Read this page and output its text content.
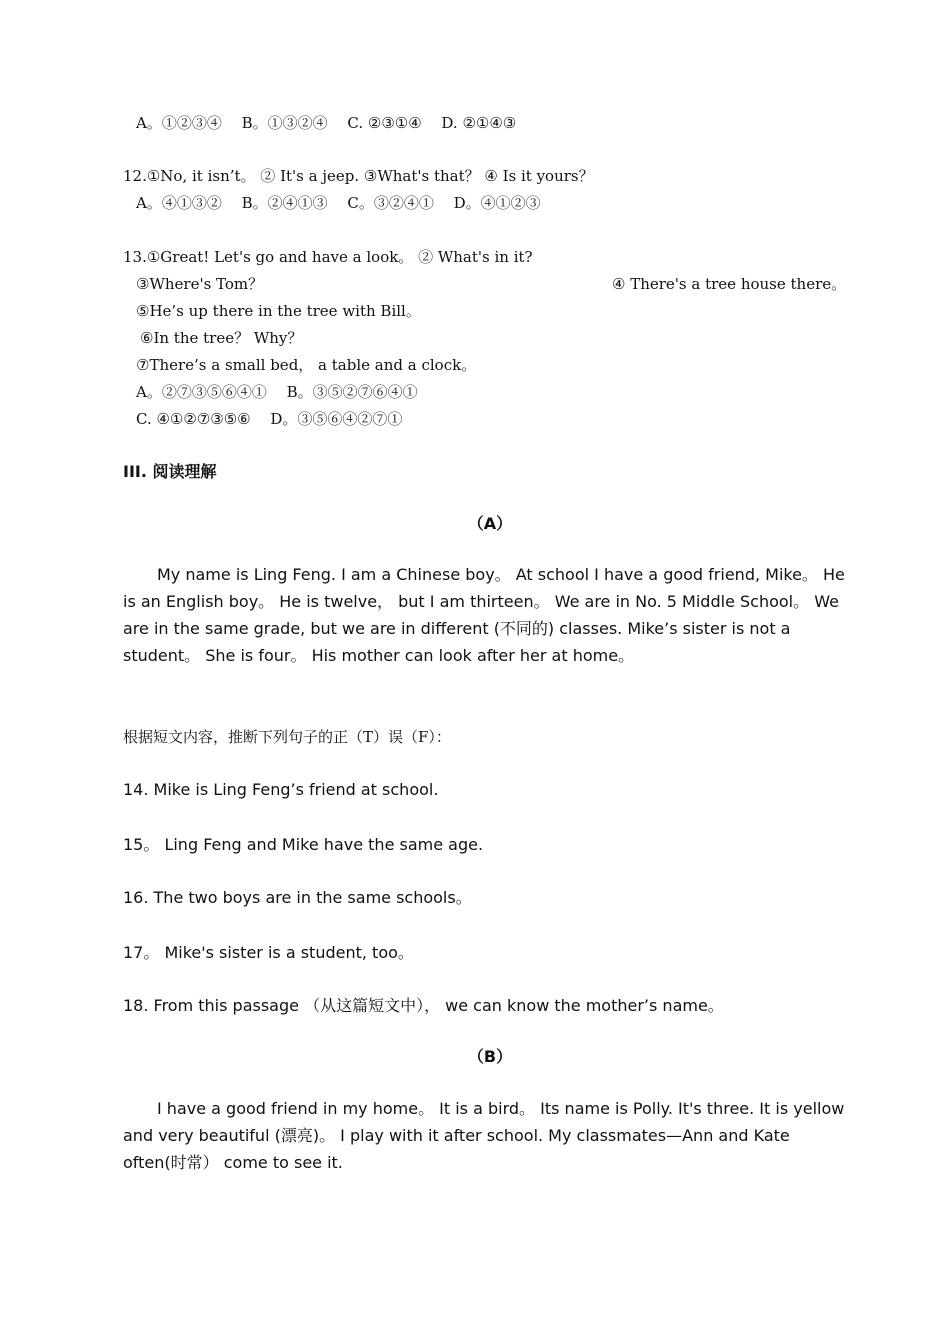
A。①②③④　 B。①③②④　 C. ②③①④　 D. ②①④③
12.①No, it isn’t。 ② It's a jeep. ③What's that？ ④ Is it yours？
A。④①③②　 B。②④①③　 C。③②④①　 D。④①②③
13.①Great! Let's go and have a look。 ② What's in it?
③Where's Tom？	④ There's a tree house there。
⑤He’s up there in the tree with Bill。
⑥In the tree？ Why？
⑦There’s a small bed， a table and a clock。
A。②⑦③⑤⑥④①　 B。③⑤②⑦⑥④①
C. ④①②⑦③⑤⑥　 D。③⑤⑥④②⑦①
III. 阅读理解
（A）
My name is Ling Feng. I am a Chinese boy。 At school I have a good friend, Mike。 He is an English boy。 He is twelve， but I am thirteen。 We are in No. 5 Middle School。 We are in the same grade, but we are in different (不同的) classes. Mike’s sister is not a student。 She is four。 His mother can look after her at home。
根据短文内容，推断下列句子的正（T）误（F）：
14. Mike is Ling Feng’s friend at school.
15。 Ling Feng and Mike have the same age.
16. The two boys are in the same schools。
17。 Mike's sister is a student, too。
18. From this passage （从这篇短文中）， we can know the mother’s name。
（B）
I have a good friend in my home。 It is a bird。 Its name is Polly. It's three. It is yellow and very beautiful (漂亮)。 I play with it after school. My classmates—Ann and Kate often(时常） come to see it.
